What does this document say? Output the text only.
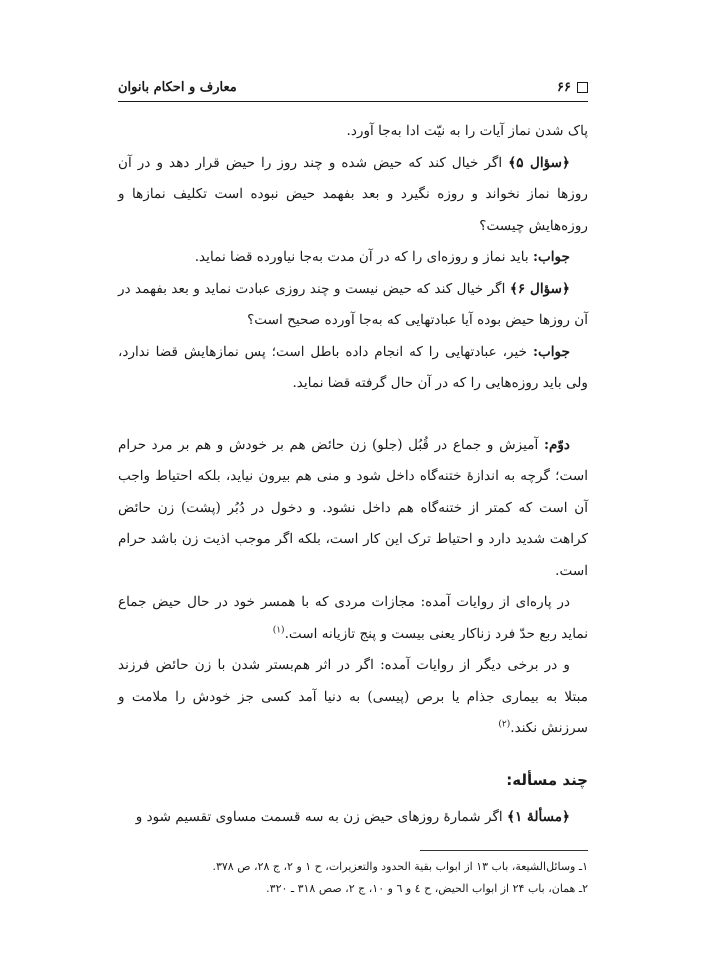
۶۶
معارف و احکام بانوان

پاک شدن نماز آیات را به نیّت ادا به‌جا آورد.

﴿سؤال ۵﴾ اگر خیال کند که حیض شده و چند روز را حیض قرار دهد و در آن روزها نماز نخواند و روزه نگیرد و بعد بفهمد حیض نبوده است تکلیف نمازها و روزه‌هایش چیست؟

جواب: باید نماز و روزه‌ای را که در آن مدت به‌جا نیاورده قضا نماید.

﴿سؤال ۶﴾ اگر خیال کند که حیض نیست و چند روزی عبادت نماید و بعد بفهمد در آن روزها حیض بوده آیا عبادتهایی که به‌جا آورده صحیح است؟

جواب: خیر، عبادتهایی را که انجام داده باطل است؛ پس نمازهایش قضا ندارد، ولی باید روزه‌هایی را که در آن حال گرفته قضا نماید.

دوّم: آمیزش و جماع در قُبُل (جلو) زن حائض هم بر خودش و هم بر مرد حرام است؛ گرچه به اندازهٔ ختنه‌گاه داخل شود و منی هم بیرون نیاید، بلکه احتیاط واجب آن است که کمتر از ختنه‌گاه هم داخل نشود. و دخول در دُبُر (پشت) زن حائض کراهت شدید دارد و احتیاط ترک این کار است، بلکه اگر موجب اذیت زن باشد حرام است.

در پاره‌ای از روایات آمده: مجازات مردی که با همسر خود در حال حیض جماع نماید ربع حدّ فرد زناکار یعنی بیست و پنج تازیانه است.$^{(۱)}$

و در برخی دیگر از روایات آمده: اگر در اثر هم‌بستر شدن با زن حائض فرزند مبتلا به بیماری جذام یا برص (پیسی) به دنیا آمد کسی جز خودش را ملامت و سرزنش نکند.$^{(۲)}$

چند مسأله:

﴿مسألهٔ ۱﴾ اگر شمارهٔ روزهای حیض زن به سه قسمت مساوی تقسیم شود و

۱ـ وسائل‌الشیعة، باب ۱۳ از ابواب بقیة الحدود والتعزیرات، ح ۱ و ۲، ج ۲۸، ص ۳۷۸.

۲ـ همان، باب ۲۴ از ابواب الحیض، ح ٤ و ٦ و ۱۰، ج ۲، صص ۳۱۸ ـ ۳۲۰.
